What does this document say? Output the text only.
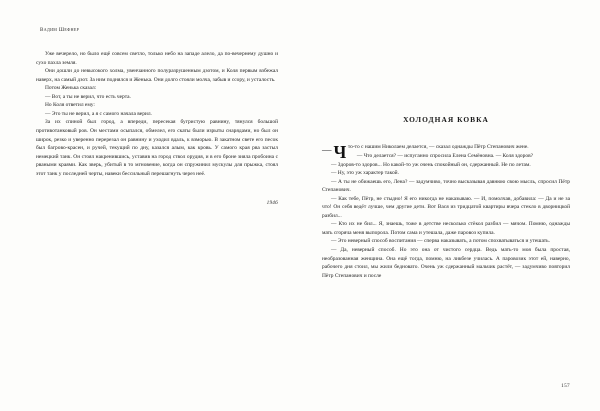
Вадим Шефнер

Уже вечерело, но было ещё совсем светло, только небо на западе алело, да по-вечернему душно и сухо пахла земля.

Они дошли до невысокого холма, увенчанного полуразрушенным дзотом, и Коля первым взбежал наверх, на самый дзот. За ним поднялся и Женька. Они долго стояли молча, забыв и ссору, и усталость.

Потом Женька сказал:

— Вот, а ты не верил, что есть черта.

Но Коля ответил ему:

— Это ты не верил, а я с самого начала верил.

За их спиной был город, а впереди, пересекая бугристую равнину, тянулся большой противотанковый ров. Он местами осыпался, обмелел, его скаты были изрыты снарядами, но был он широк, резко и уверенно перерезал он равнину и уходил вдаль, к взморью. В закатном свете его песок был багрово-красен, и ручей, текущий по дну, казался алым, как кровь. У самого края рва застыл немецкий танк. Он стоял накренившись, уставив на город ствол орудия, и в его броне зияла пробоина с рваными краями. Как зверь, убитый в то мгновение, когда он спружинил мускулы для прыжка, стоял этот танк у последней черты, навеки бессильный перешагнуть через неё.

1946
ХОЛОДНАЯ КОВКА

— Ч то-то с нашим Николаем делается, — сказал однажды Пётр Степанович жене.

— Что делается? — испуганно спросила Елена Семёновна. — Коля здоров?

— Здоров-то здоров... Но какой-то уж очень спокойный он, сдержанный. Не по летам.

— Ну, это уж характер такой.

— А ты не обижаешь его, Лена? — задумчиво, точно высказывая давнюю свою мысль, спросил Пётр Степанович.

— Как тебе, Пётр, не стыдно! Я его никогда не наказываю. — И, помолчав, добавила: — Да и не за что! Он себя ведёт лучше, чем другие дети. Вот Вася из тридцатой квартиры вчера стекло в дворницкой разбил...

— Кто их не бил... Я, знаешь, тоже в детстве несколько стёкол разбил — мячом. Помню, однажды мать сгоряча меня выпорола. Потом сама и утешала, даже паровоз купила.

— Это неверный способ воспитания — сперва наказывать, а потом спохватываться и утешать.

— Да, неверный способ. Но это она от чистого сердца. Ведь мать-то моя была простая, необразованная женщина. Она ещё тогда, помню, на ликбезе училась. А паровозик этот ей, наверно, рабочего дня стоил, мы жили бедновато. Очень уж сдержанный мальчик растёт, — задумчиво повторил Пётр Степанович и после

157
